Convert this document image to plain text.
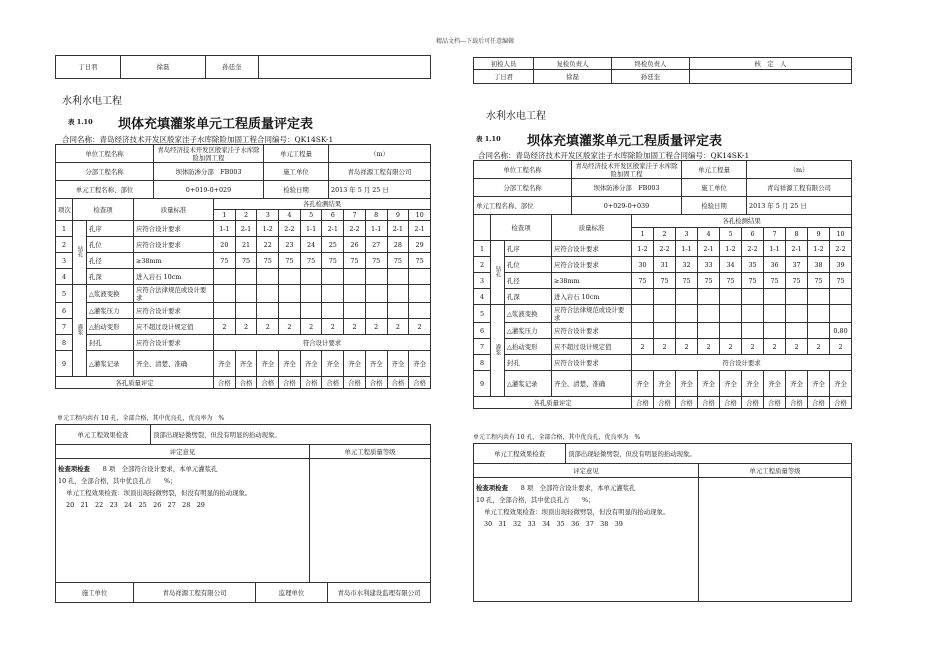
精品文档---下载后可任意编辑
丁日君	徐磊	孙廷奎	
水利水电工程
表 1.10 坝体充填灌浆单元工程质量评定表
合同名称：青岛经济技术开发区殷家洼子水库除险加固工程合同编号：QK14SK-1
单位工程名称	青岛经济技术开发区殷家洼子水库除险加固工程	单元工程量	（m）
分部工程名称	坝体防渗分部　FB003	施工单位	青岛祥源工程有限公司
单元工程名称、部位	0+019-0+029	检验日期	2013 年 5 月 25 日
项次	检查项		质量标准	各孔检测结果									
				1	2	3	4	5	6	7	8	9	10
1	钻孔	孔序	应符合设计要求	1-1	2-1	1-2	2-2	1-1	2-1	2-2	1-1	2-1	2-1
2		孔位	应符合设计要求	20	21	22	23	24	25	26	27	28	29
3		孔径	≥38mm	75	75	75	75	75	75	75	75	75	75
4		孔深	进入岩石 10cm										
5	灌浆	△浆液变换	应符合法律规范或设计要求										
6		△灌浆压力	应符合设计要求										
7		△抬动变形	应不超过设计规定值	2	2	2	2	2	2	2	2	2	2
8		封孔	应符合设计要求	符合设计要求									
9		△灌浆记录	齐全、清楚、准确	齐全	齐全	齐全	齐全	齐全	齐全	齐全	齐全	齐全	齐全

各孔质量评定				合格	合格	合格	合格	合格	合格	合格	合格	合格	合格
单元工程内共有 10 孔，全部合格，其中优良孔，优良率为　%
单元工程效果检查	顶部出现轻微劈裂，但没有明显的抬动现象。
评定意见	单元工程质量等级

检查项检查　　 8 项　全部符合设计要求，本单元灌浆孔
10 孔，全部合格，其中优良孔占　　%；
单元工程效果检查：坝顶出现轻微劈裂，但没有明显的抬动现象。
20　21　22　23　24　25　26　27　28　29	

施工单位	青岛祥源工程有限公司	监理单位	青岛市水利建设监理有限公司
初检人员	复检负责人	终检负责人	核　定　人
丁日君	徐磊	孙廷奎	
水利水电工程
表 1.10 坝体充填灌浆单元工程质量评定表
合同名称：青岛经济技术开发区殷家洼子水库除险加固工程合同编号：QK14SK-1
单位工程名称	青岛经济技术开发区殷家洼子水库除险加固工程	单元工程量	（m）
分部工程名称	坝体防渗分部　FB003	施工单位	青岛祥源工程有限公司
单元工程名称、部位	0+029-0+039	检验日期	2013 年 5 月 25 日
	检查项		质量标准	各孔检测结果									
				1	2	3	4	5	6	7	8	9	10
1	钻孔	孔序	应符合设计要求	1-2	2-2	1-1	2-1	1-2	2-2	1-1	2-1	1-2	2-2
2		孔位	应符合设计要求	30	31	32	33	34	35	36	37	38	39
3		孔径	≥38mm	75	75	75	75	75	75	75	75	75	75
4		孔深	进入岩石 10cm										
5	灌浆	△浆液变换	应符合法律规范或设计要求										
6		△灌浆压力	应符合设计要求										0.80
7		△抬动变形	应不超过设计规定值	2	2	2	2	2	2	2	2	2	2
8		封孔	应符合设计要求	符合设计要求									
9		△灌浆记录	齐全、清楚、准确	齐全	齐全	齐全	齐全	齐全	齐全	齐全	齐全	齐全	齐全

各孔质量评定				合格	合格	合格	合格	合格	合格	合格	合格	合格	合格
单元工程内共有 10 孔，全部合格，其中优良孔，优良率为　%
单元工程效果检查	顶部出现轻微劈裂，但没有明显的抬动现象。
评定意见	单元工程质量等级

检查项检查　　 8 项　全部符合设计要求，本单元灌浆孔
10 孔，全部合格，其中优良孔占　　%；
单元工程效果检查：坝顶出现轻微劈裂，但没有明显的抬动现象。
30　31　32　33　34　35　36　37　38　39	
